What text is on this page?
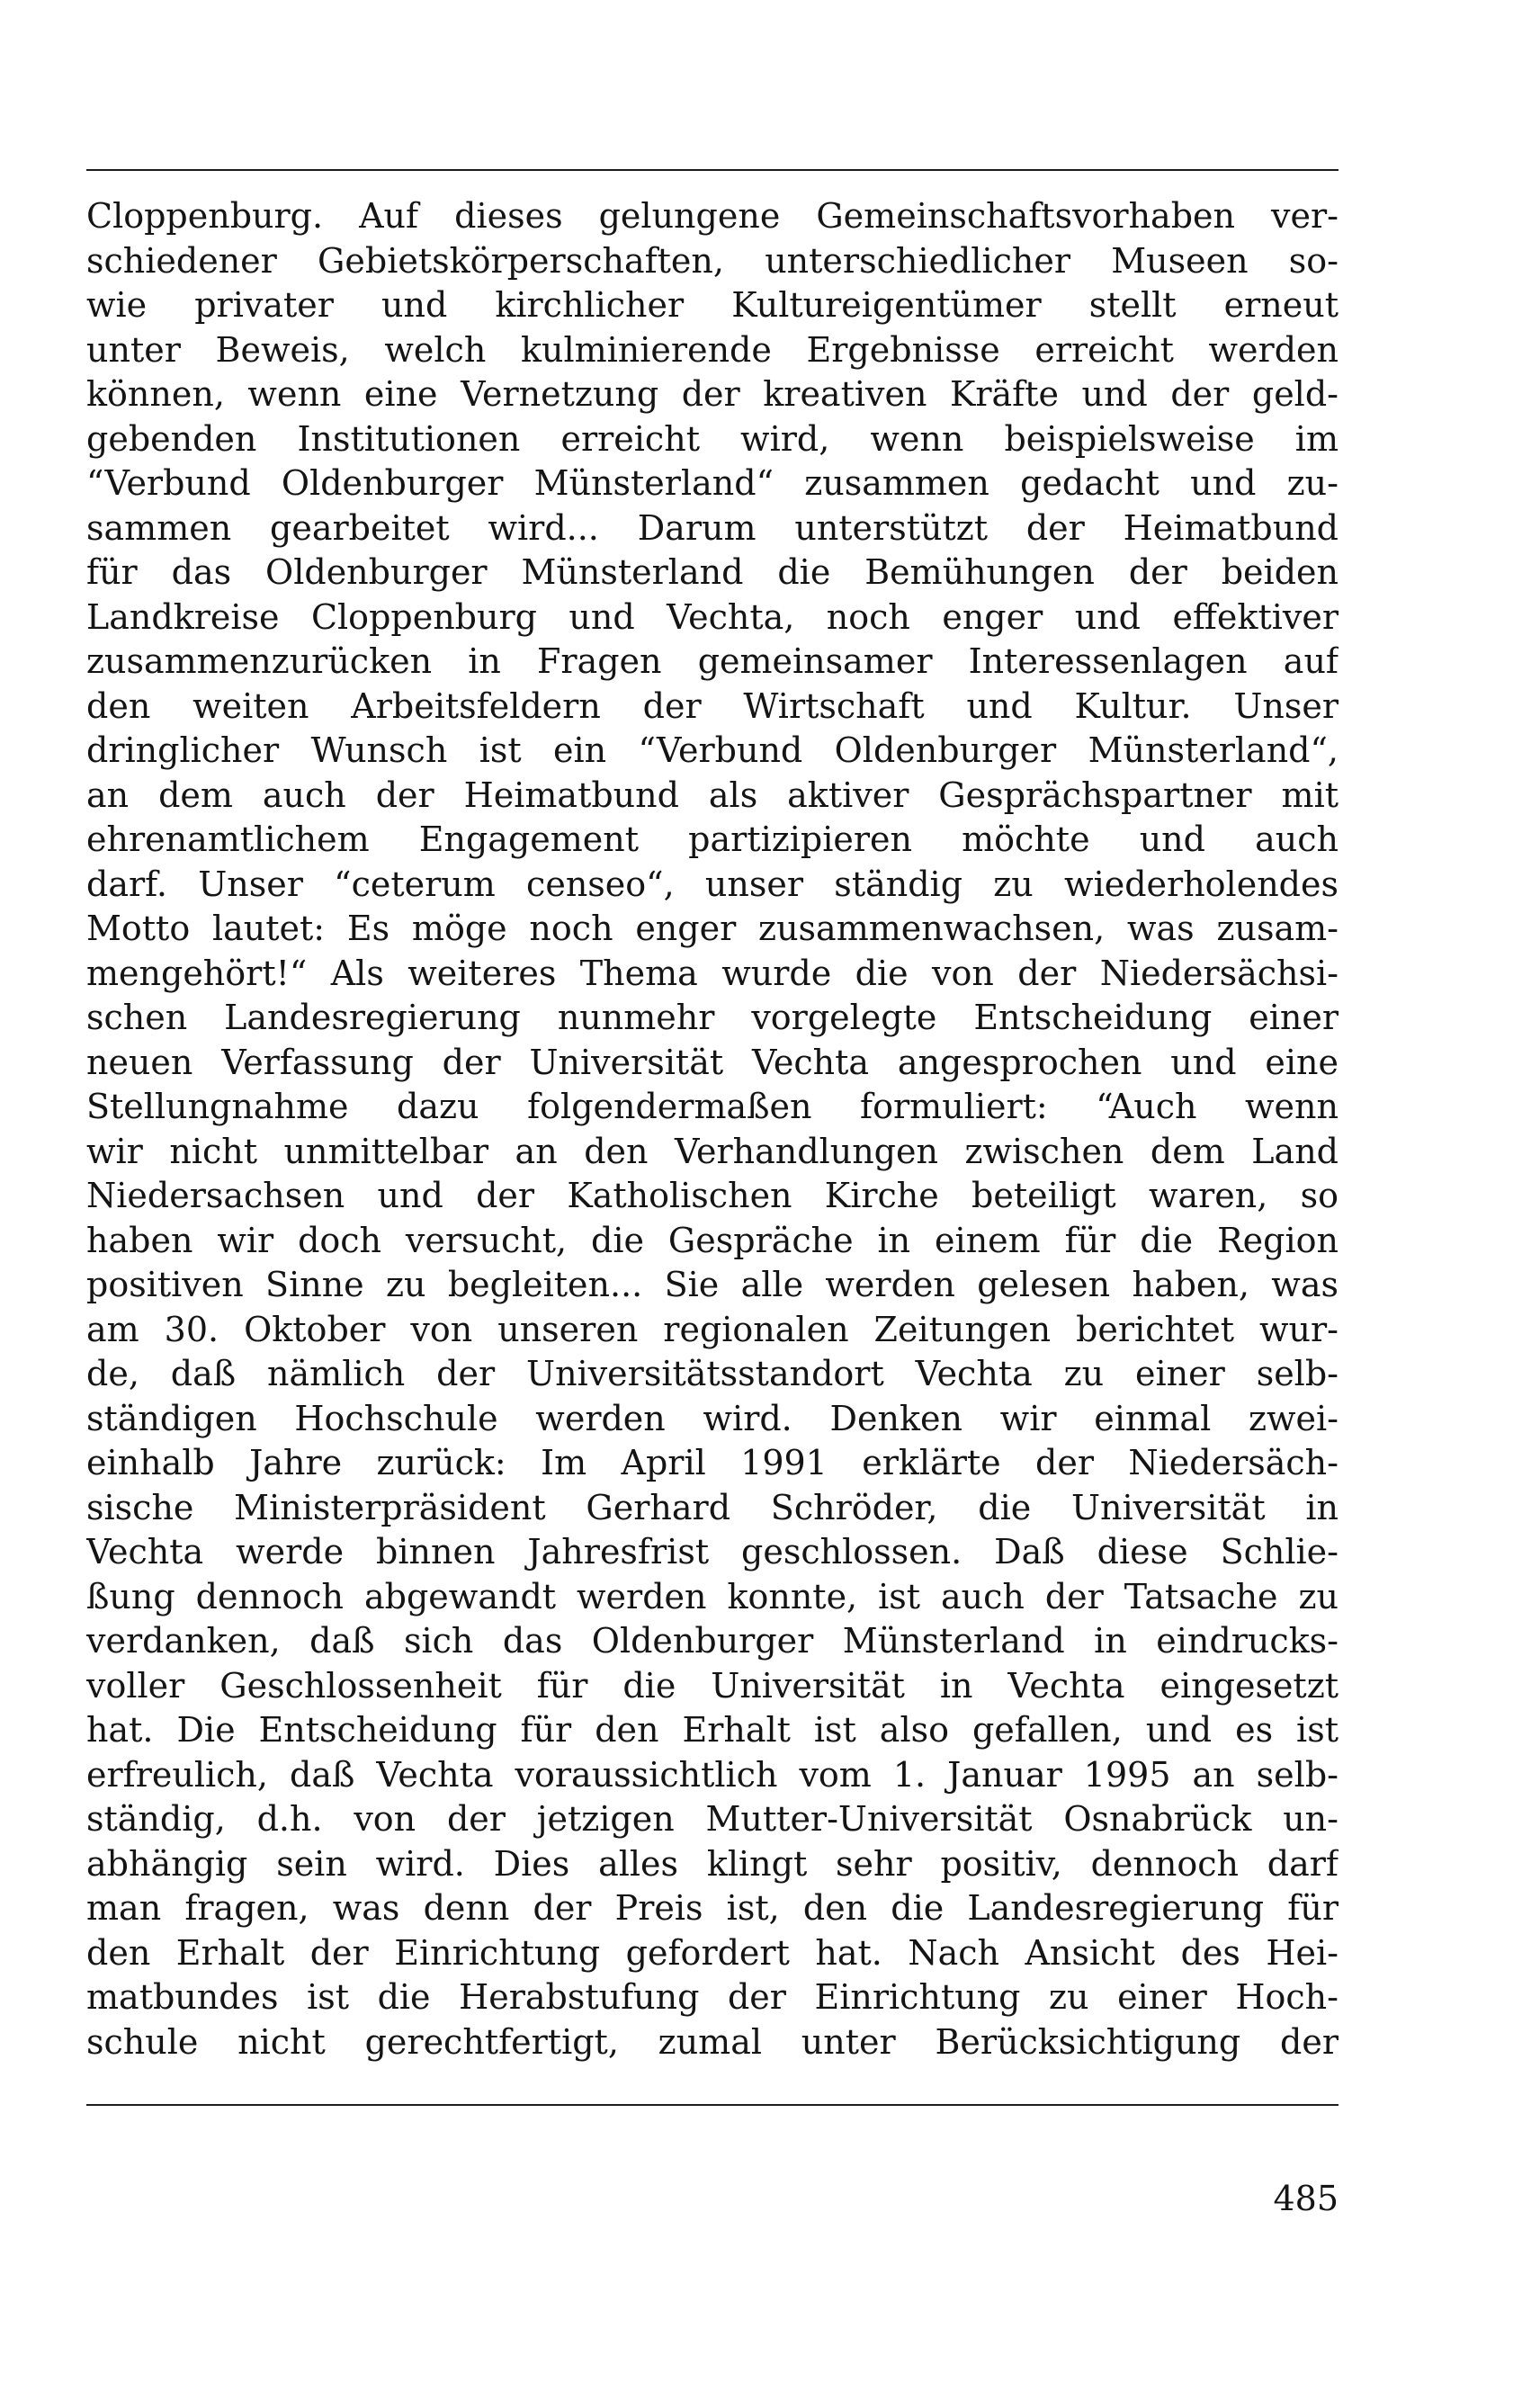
Cloppenburg. Auf dieses gelungene Gemeinschaftsvorhaben ver-
schiedener Gebietskörperschaften, unterschiedlicher Museen so-
wie privater und kirchlicher Kultureigentümer stellt erneut
unter Beweis, welch kulminierende Ergebnisse erreicht werden
können, wenn eine Vernetzung der kreativen Kräfte und der geld-
gebenden Institutionen erreicht wird, wenn beispielsweise im
“Verbund Oldenburger Münsterland“ zusammen gedacht und zu-
sammen gearbeitet wird... Darum unterstützt der Heimatbund
für das Oldenburger Münsterland die Bemühungen der beiden
Landkreise Cloppenburg und Vechta, noch enger und effektiver
zusammenzurücken in Fragen gemeinsamer Interessenlagen auf
den weiten Arbeitsfeldern der Wirtschaft und Kultur. Unser
dringlicher Wunsch ist ein “Verbund Oldenburger Münsterland“,
an dem auch der Heimatbund als aktiver Gesprächspartner mit
ehrenamtlichem Engagement partizipieren möchte und auch
darf. Unser “ceterum censeo“, unser ständig zu wiederholendes
Motto lautet: Es möge noch enger zusammenwachsen, was zusam-
mengehört!“ Als weiteres Thema wurde die von der Niedersächsi-
schen Landesregierung nunmehr vorgelegte Entscheidung einer
neuen Verfassung der Universität Vechta angesprochen und eine
Stellungnahme dazu folgendermaßen formuliert: “Auch wenn
wir nicht unmittelbar an den Verhandlungen zwischen dem Land
Niedersachsen und der Katholischen Kirche beteiligt waren, so
haben wir doch versucht, die Gespräche in einem für die Region
positiven Sinne zu begleiten... Sie alle werden gelesen haben, was
am 30. Oktober von unseren regionalen Zeitungen berichtet wur-
de, daß nämlich der Universitätsstandort Vechta zu einer selb-
ständigen Hochschule werden wird. Denken wir einmal zwei-
einhalb Jahre zurück: Im April 1991 erklärte der Niedersäch-
sische Ministerpräsident Gerhard Schröder, die Universität in
Vechta werde binnen Jahresfrist geschlossen. Daß diese Schlie-
ßung dennoch abgewandt werden konnte, ist auch der Tatsache zu
verdanken, daß sich das Oldenburger Münsterland in eindrucks-
voller Geschlossenheit für die Universität in Vechta eingesetzt
hat. Die Entscheidung für den Erhalt ist also gefallen, und es ist
erfreulich, daß Vechta voraussichtlich vom 1. Januar 1995 an selb-
ständig, d.h. von der jetzigen Mutter-Universität Osnabrück un-
abhängig sein wird. Dies alles klingt sehr positiv, dennoch darf
man fragen, was denn der Preis ist, den die Landesregierung für
den Erhalt der Einrichtung gefordert hat. Nach Ansicht des Hei-
matbundes ist die Herabstufung der Einrichtung zu einer Hoch-
schule nicht gerechtfertigt, zumal unter Berücksichtigung der
485
